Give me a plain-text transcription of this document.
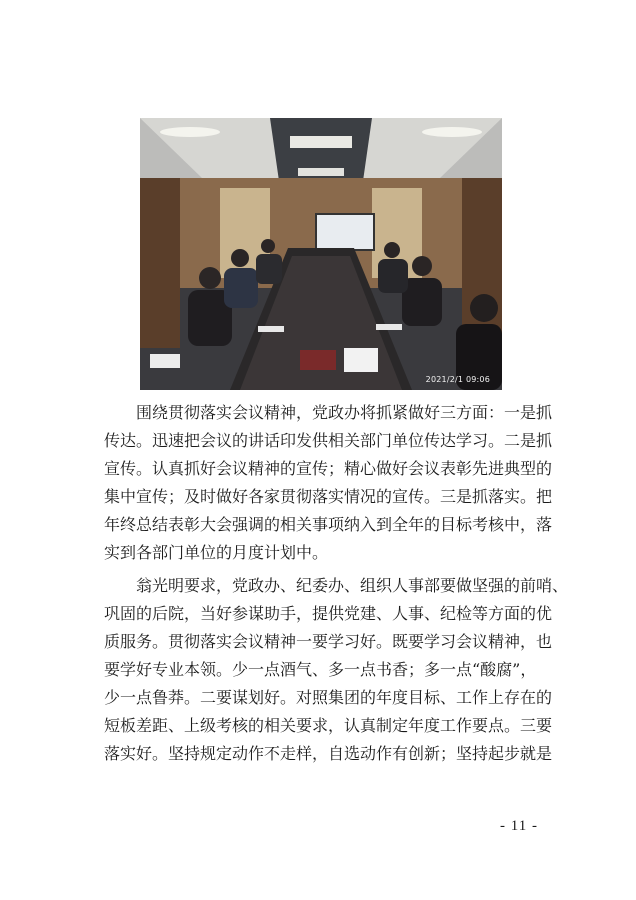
2021/2/1 09:06
围绕贯彻落实会议精神，党政办将抓紧做好三方面：一是抓
传达。迅速把会议的讲话印发供相关部门单位传达学习。二是抓
宣传。认真抓好会议精神的宣传；精心做好会议表彰先进典型的
集中宣传；及时做好各家贯彻落实情况的宣传。三是抓落实。把
年终总结表彰大会强调的相关事项纳入到全年的目标考核中，落
实到各部门单位的月度计划中。
翁光明要求，党政办、纪委办、组织人事部要做坚强的前哨、
巩固的后院，当好参谋助手，提供党建、人事、纪检等方面的优
质服务。贯彻落实会议精神一要学习好。既要学习会议精神，也
要学好专业本领。少一点酒气、多一点书香；多一点“酸腐”，
少一点鲁莽。二要谋划好。对照集团的年度目标、工作上存在的
短板差距、上级考核的相关要求，认真制定年度工作要点。三要
落实好。坚持规定动作不走样，自选动作有创新；坚持起步就是
- 11 -
